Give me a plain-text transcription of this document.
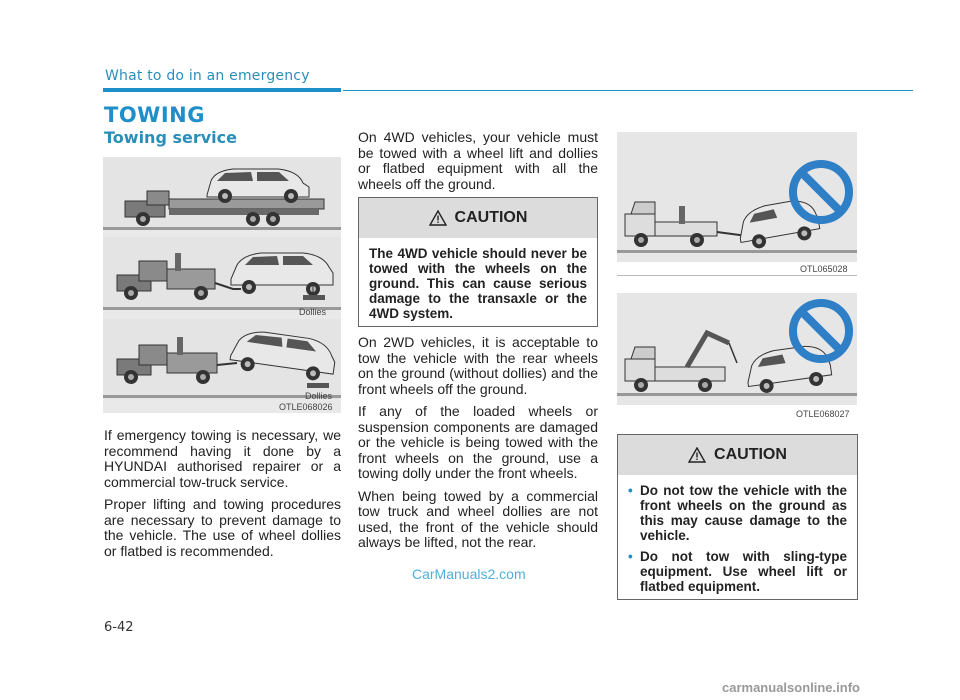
What to do in an emergency
TOWING
Towing service
Dollies
Dollies
OTLE068026

If emergency towing is necessary, we recommend having it done by a HYUNDAI authorised repairer or a commercial tow-truck service.

Proper lifting and towing procedures are necessary to prevent damage to the vehicle. The use of wheel dollies or flatbed is recommended.

On 4WD vehicles, your vehicle must be towed with a wheel lift and dollies or flatbed equipment with all the wheels off the ground.

CAUTION
The 4WD vehicle should never be towed with the wheels on the ground. This can cause serious damage to the transaxle or the 4WD system.

On 2WD vehicles, it is acceptable to tow the vehicle with the rear wheels on the ground (without dollies) and the front wheels off the ground.

If any of the loaded wheels or suspension components are damaged or the vehicle is being towed with the front wheels on the ground, use a towing dolly under the front wheels.

When being towed by a commercial tow truck and wheel dollies are not used, the front of the vehicle should always be lifted, not the rear.

OTL065028
OTLE068027
CAUTION
• Do not tow the vehicle with the front wheels on the ground as this may cause damage to the vehicle.
• Do not tow with sling-type equipment. Use wheel lift or flatbed equipment.
CarManuals2.com
6-42
carmanualsonline.info
